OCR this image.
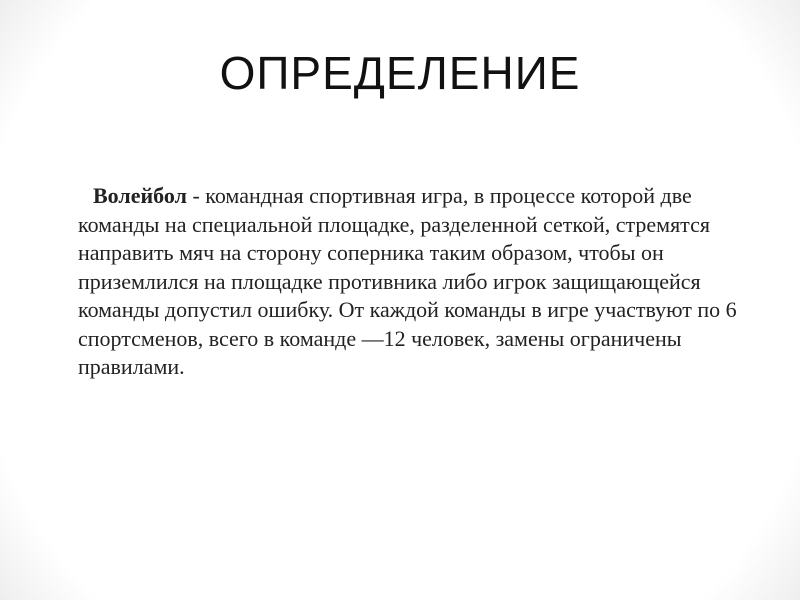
ОПРЕДЕЛЕНИЕ
Волейбол - командная спортивная игра, в процессе которой две команды на специальной площадке, разделенной сеткой, стремятся направить мяч на сторону соперника таким образом, чтобы он приземлился на площадке противника либо игрок защищающейся команды допустил ошибку. От каждой команды в игре участвуют по 6 спортсменов, всего в команде —12 человек, замены ограничены правилами.
